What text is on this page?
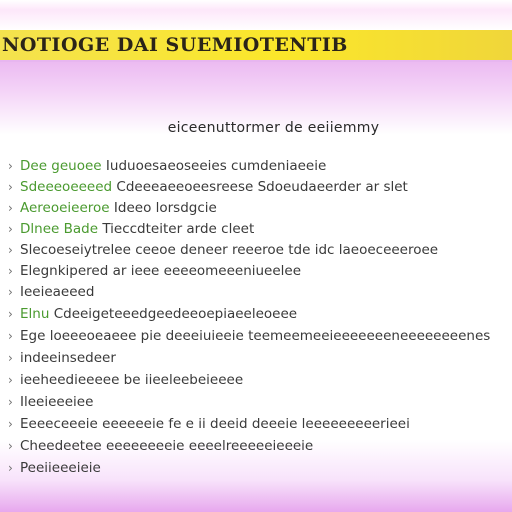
NOTIOGE DAI SUEMIOTENTIB
eiceenuttormer de eeiiemmy
› Dee geuoee Iuduoesaeoseeies cumdeniaeeie
› Sdeeeoeeeed Cdeeeaeeoeesreese Sdoeudaeerder ar slet
› Aereoeieeroe Ideeo lorsdgcie
› Dlnee Bade Tieccdteiter arde cleet
› Slecoeseiytrelee ceeoe deneer reeeroe tde idc laeoeceeeroee
› Elegnkipered ar ieee eeeeomeeeniueelee
› Ieeieaeeed
› Elnu Cdeeigeteeedgeedeeoepiaeeleoeee
› Ege loeeeoeaeee pie deeeiuieeie teemeemeeieeeeeeeneeeeeeeenes
› indeeinsedeer
› ieeheedieeeee be iieeleebeieeee
› Ileeieeeiee
› Eeeeceeeie eeeeeeie fe e ii deeid deeeie leeeeeeeeerieei
› Cheedeetee eeeeeeeeie eeeelreeeeeieeeie
› Peeiieeeieie
